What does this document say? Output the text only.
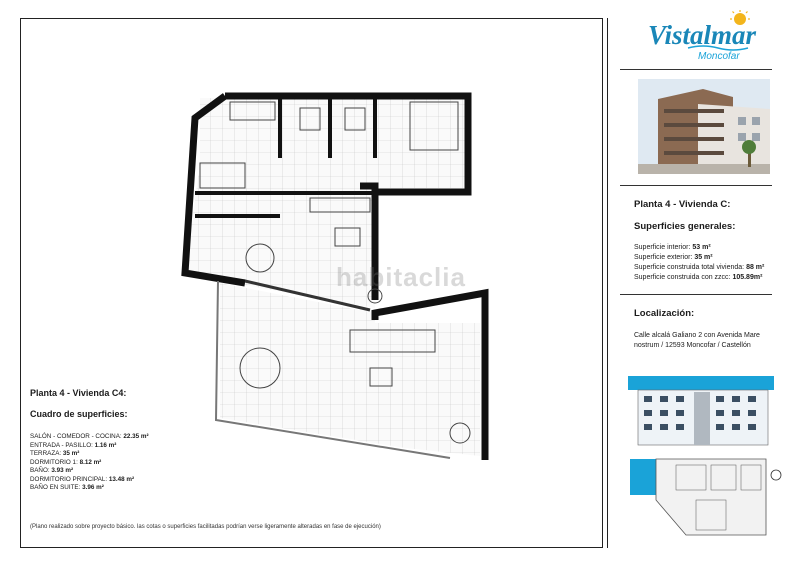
habitaclia
Vistalmar
Moncofar
Planta 4 - Vivienda C:
Superficies generales:
Superficie interior: 53 m²
Superficie exterior: 35 m²
Superficie construida total vivienda: 88 m²
Superficie construida con zzcc: 105.89m²
Localización:
Calle alcalá Galiano 2 con Avenida Mare
nostrum / 12593 Moncofar / Castellón
Planta 4 - Vivienda C4:
Cuadro de superficies:
SALÓN - COMEDOR - COCINA: 22.35 m²
ENTRADA - PASILLO: 1.16 m²
TERRAZA: 35 m²
DORMITORIO 1: 8.12 m²
BAÑO: 3.93 m²
DORMITORIO PRINCIPAL: 13.48 m²
BAÑO EN SUITE: 3.96 m²
(Plano realizado sobre proyecto básico. las cotas o superficies facilitadas podrían verse ligeramente alteradas en fase de ejecución)
